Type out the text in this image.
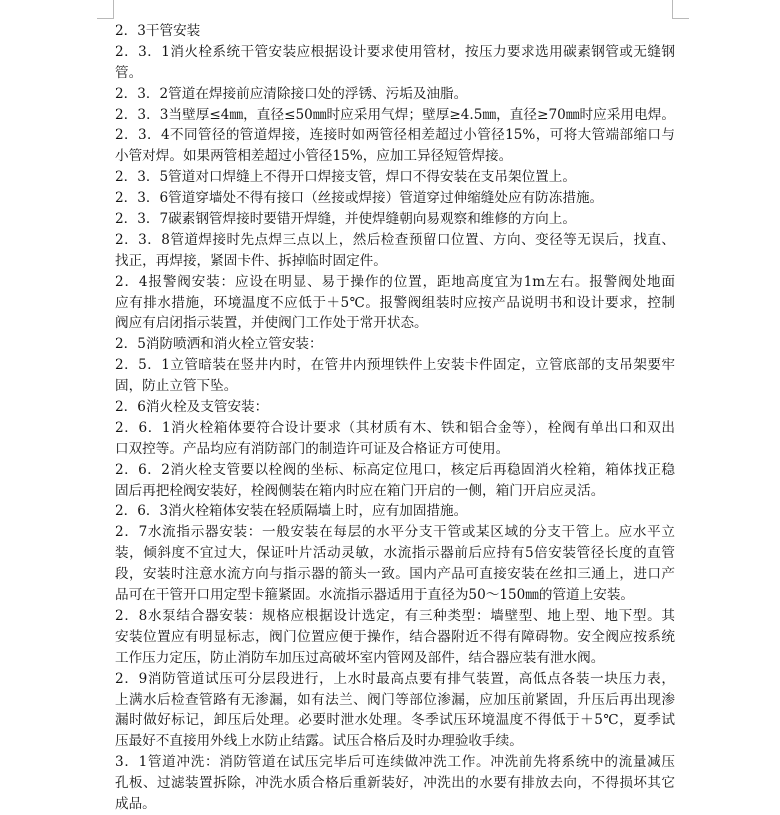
2．3干管安装
2．3．1消火栓系统干管安装应根据设计要求使用管材，按压力要求选用碳素钢管或无缝钢
管。
2．3．2管道在焊接前应清除接口处的浮锈、污垢及油脂。
2．3．3当壁厚≤4㎜，直径≤50㎜时应采用气焊；壁厚≥4.5㎜，直径≥70㎜时应采用电焊。
2．3．4不同管径的管道焊接，连接时如两管径相差超过小管径15%，可将大管端部缩口与
小管对焊。如果两管相差超过小管径15%，应加工异径短管焊接。
2．3．5管道对口焊缝上不得开口焊接支管，焊口不得安装在支吊架位置上。
2．3．6管道穿墙处不得有接口（丝接或焊接）管道穿过伸缩缝处应有防冻措施。
2．3．7碳素钢管焊接时要错开焊缝，并使焊缝朝向易观察和维修的方向上。
2．3．8管道焊接时先点焊三点以上，然后检查预留口位置、方向、变径等无误后，找直、
找正，再焊接，紧固卡件、拆掉临时固定件。
2．4报警阀安装：应设在明显、易于操作的位置，距地高度宜为1m左右。报警阀处地面
应有排水措施，环境温度不应低于＋5℃。报警阀组装时应按产品说明书和设计要求，控制
阀应有启闭指示装置，并使阀门工作处于常开状态。
2．5消防喷洒和消火栓立管安装：
2．5．1立管暗装在竖井内时，在管井内预埋铁件上安装卡件固定，立管底部的支吊架要牢
固，防止立管下坠。
2．6消火栓及支管安装：
2．6．1消火栓箱体要符合设计要求（其材质有木、铁和铝合金等），栓阀有单出口和双出
口双控等。产品均应有消防部门的制造许可证及合格证方可使用。
2．6．2消火栓支管要以栓阀的坐标、标高定位甩口，核定后再稳固消火栓箱，箱体找正稳
固后再把栓阀安装好，栓阀侧装在箱内时应在箱门开启的一侧，箱门开启应灵活。
2．6．3消火栓箱体安装在轻质隔墙上时，应有加固措施。
2．7水流指示器安装：一般安装在每层的水平分支干管或某区域的分支干管上。应水平立
装，倾斜度不宜过大，保证叶片活动灵敏，水流指示器前后应持有5倍安装管径长度的直管
段，安装时注意水流方向与指示器的箭头一致。国内产品可直接安装在丝扣三通上，进口产
品可在干管开口用定型卡箍紧固。水流指示器适用于直径为50～150㎜的管道上安装。
2．8水泵结合器安装：规格应根据设计选定，有三种类型：墙壁型、地上型、地下型。其
安装位置应有明显标志，阀门位置应便于操作，结合器附近不得有障碍物。安全阀应按系统
工作压力定压，防止消防车加压过高破坏室内管网及部件，结合器应装有泄水阀。
2．9消防管道试压可分层段进行，上水时最高点要有排气装置，高低点各装一块压力表，
上满水后检查管路有无渗漏，如有法兰、阀门等部位渗漏，应加压前紧固，升压后再出现渗
漏时做好标记，卸压后处理。必要时泄水处理。冬季试压环境温度不得低于＋5℃，夏季试
压最好不直接用外线上水防止结露。试压合格后及时办理验收手续。
3．1管道冲洗：消防管道在试压完毕后可连续做冲洗工作。冲洗前先将系统中的流量减压
孔板、过滤装置拆除，冲洗水质合格后重新装好，冲洗出的水要有排放去向，不得损坏其它
成品。
